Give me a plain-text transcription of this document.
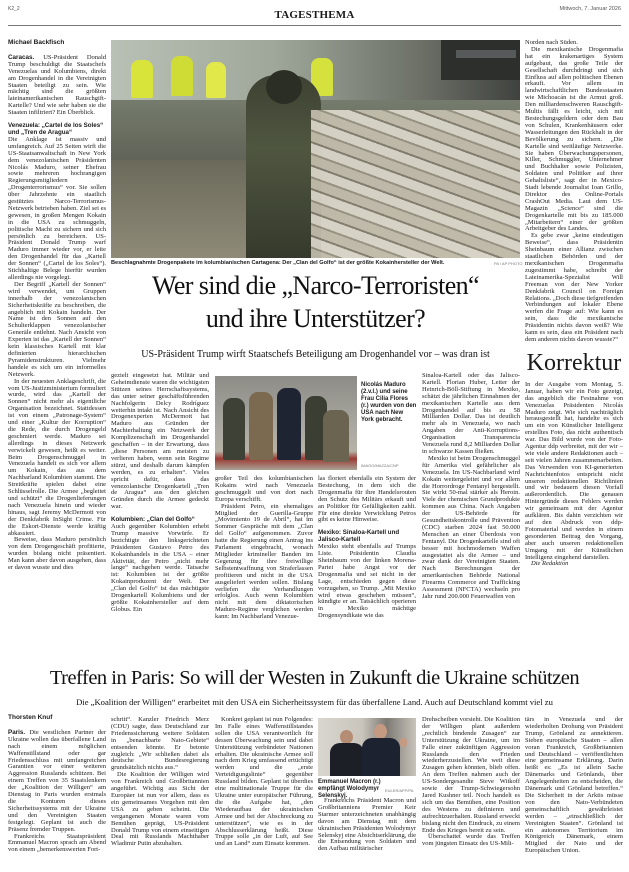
K2_2	TAGESTHEMA	Mittwoch, 7. Januar 2026
Beschlagnahmte Drogenpakete im kolumbianischen Cartagena: Der „Clan del Golfo“ ist der größte Kokainhersteller der Welt.	PA / AP PHOTO
Wer sind die „Narco-Terroristen“
und ihre Unterstützer?
US-Präsident Trump wirft Staatschefs Beteiligung am Drogenhandel vor – was dran ist

Michael Backfisch

Caracas. US-Präsident Donald Trump beschuldigt die Staatschefs Venezuelas und Kolumbiens, direkt am Drogenhandel in die Vereinigten Staaten beteiligt zu sein. Wie mächtig sind die größten lateinamerikanischen Rauschgift-Kartelle? Und wie sehr haben sie die Staaten infiltriert? Ein Überblick.

Venezuela: „Cartel de los Soles“ und „Tren de Aragua“

Die Anklage ist massiv und umfangreich. Auf 25 Seiten wirft die US-Staatsanwaltschaft in New York dem venezolanischen Präsidenten Nicolás Maduro, seiner Ehefrau sowie mehreren hochrangigen Regierungsmitgliedern „Drogenterrorismus“ vor. Sie sollen über Jahrzehnte ein staatlich gestütztes Narco-Terrorismus-Netzwerk betrieben haben. Ziel sei es gewesen, in großen Mengen Kokain in die USA zu schmuggeln, politische Macht zu sichern und sich persönlich zu bereichern. US-Präsident Donald Trump warf Maduro immer wieder vor, er leite den Drogenhandel für das „Kartell der Sonnen“ („Cartel de los Soles“). Stichhaltige Belege hierfür wurden allerdings nie vorgelegt.

Der Begriff „Kartell der Sonnen“ wird verwendet, um Gruppen innerhalb der venezolanischen Sicherheitskräfte zu beschreiben, die angeblich mit Kokain handeln. Der Name ist den Sonnen auf den Schulterklappen venezolanischer Generäle entlehnt. Nach Ansicht von Experten ist das „Kartell der Sonnen“ kein klassisches Kartell mit klar definierten hierarchischen Pyramidenstrukturen. Vielmehr handele es sich um ein informelles Netzwerk.

In der neuesten Anklageschrift, die vom US-Justizministerium formuliert wurde, wird das „Kartell der Sonnen“ nicht mehr als eigentliche Organisation bezeichnet. Stattdessen ist von einem „Patronage-System“ und einer „Kultur der Korruption“ die Rede, die durch Drogengeld geschmiert werde. Maduro sei allerdings in dieses Netzwerk verwickelt gewesen, heißt es weiter. Beim Drogenschmuggel in Venezuela handelt es sich vor allem um Kokain, das aus dem Nachbarland Kolumbien stammt. Die Streitkräfte spielen dabei eine Schlüsselrolle. Die Armee „begleitet und schützt“ die Drogenlieferungen nach Venezuela hinein und wieder hinaus, sagt Jeremy McDermott von der Denkfabrik InSight Crime. Für die Eskort-Dienste werde kräftig abkassiert.

Beweise, dass Maduro persönlich von dem Drogengeschäft profitierte, wurden bislang nicht präsentiert. Man kann aber davon ausgehen, dass er davon wusste und dies

gezielt eingesetzt hat. Militär und Geheimdienste waren die wichtigsten Stützen seines Herrschaftssystems, das unter seiner geschäftsführenden Nachfolgerin Delcy Rodríguez weiterhin intakt ist. Nach Ansicht des Drogenexperten McDermott hat Maduro aus Gründen der Machterhaltung ein Netzwerk der Komplizenschaft im Drogenhandel geschaffen – in der Erwartung, dass „diese Personen am meisten zu verlieren haben, wenn sein Regime stürzt, und deshalb darum kämpfen werden, es zu erhalten“. Vieles spricht dafür, dass das venezolanische Drogenkartell „Tren de Aragua“ aus den gleichen Gründen durch die Armee gedeckt war.

Kolumbien: „Clan del Golfo“

Auch gegenüber Kolumbien erhebt Trump massive Vorwürfe. Er bezichtigte den linksgerichteten Präsidenten Gustavo Petro des Kokainhandels in die USA – einer Aktivität, der Petro „nicht mehr lange“ nachgehen werde. Tatsache ist: Kolumbien ist der größte Kokainproduzent der Welt. Der „Clan del Golfo“ ist das mächtigste Drogenkartell Kolumbiens und der größte Kokainhersteller auf dem Globus. Ein

Nicolás Maduro (2.v.l.) und seine Frau Cilia Flores (r.) wurden von den USA nach New York gebracht.
IMAGO/MAZZA/CNP

großer Teil des kolumbianischen Kokains wird nach Venezuela geschmuggelt und von dort nach Europa verschifft.

Präsident Petro, ein ehemaliges Mitglied der Guerilla-Gruppe „Movimiento 19 de Abril“, hat im Sommer Gespräche mit dem „Clan del Golfo“ aufgenommen. Zuvor hatte die Regierung einen Antrag ins Parlament eingebracht, wonach Mitglieder krimineller Banden im Gegenzug für ihre freiwillige Selbstentwaffnung von Straferlassen profitieren und nicht in die USA ausgeliefert werden sollen. Bislang verliefen die Verhandlungen erfolglos. Auch wenn Kolumbien nicht mit dem diktatorischen Maduro-Regime verglichen werden kann: Im Nachbarland Venezue-

las floriert ebenfalls ein System der Bestechung, in dem sich die Drogenmafia für ihre Handelsrouten den Schutz des Militärs erkauft und an Politiker für Gefälligkeiten zahlt. Für eine direkte Verwicklung Petros gibt es keine Hinweise.

Mexiko: Sinaloa-Kartell und Jalisco-Kartell

Mexiko steht ebenfalls auf Trumps Liste. Präsidentin Claudia Sheinbaum von der linken Morena-Partei habe Angst vor der Drogenmafia und sei nicht in der Lage, entschieden gegen diese vorzugehen, so Trump. „Mit Mexiko wird etwas geschehen müssen“, kündigte er an. Tatsächlich operieren in Mexiko mächtige Drogensyndikate wie das

Sinaloa-Kartell oder das Jalisco-Kartell. Florian Huber, Leiter der Heinrich-Böll-Stiftung in Mexiko, schätzt die jährlichen Einnahmen der mexikanischen Kartelle aus dem Drogenhandel auf bis zu 58 Milliarden Dollar. Das ist deutlich mehr als in Venezuela, wo nach Angaben der Anti-Korruptions-Organisation Transparencia Venezuela rund 8,2 Milliarden Dollar in schwarze Kassen fließen.

Mexiko ist beim Drogenschmuggel für Amerika viel gefährlicher als Venezuela. Im US-Nachbarland wird Kokain weitergeleitet und vor allem die Horrordroge Fentanyl hergestellt. Sie wirkt 50-mal stärker als Heroin. Viele der chemischen Grundprodukte kommen aus China. Nach Angaben der US-Behörde für Gesundheitskontrolle und Prävention (CDC) starben 2024 fast 50.000 Menschen an einer Überdosis von Fentanyl. Die Drogenkartelle sind oft besser mit hochmodernen Waffen ausgestattet als die Armee – und zwar dank der Vereinigten Staaten. Nach Berechnungen der amerikanischen Behörde National Firearms Commerce and Trafficking Assessment (NFCTA) wechseln pro Jahr rund 200.000 Feuerwaffen von

Norden nach Süden.

Die mexikanische Drogenmafia hat ein krakenartiges System aufgebaut, das große Teile der Gesellschaft durchdringt und sich Einfluss auf allen politischen Ebenen erkauft. Vor allem in landwirtschaftlichen Bundesstaaten wie Michoacán ist die Armut groß. Den milliardenschweren Rauschgift-Multis fällt es leicht, sich mit Bestechungsgeldern oder dem Bau von Schulen, Krankenhäusern oder Wasserleitungen den Rückhalt in der Bevölkerung zu sichern. „Die Kartelle sind weitläufige Netzwerke. Sie haben Überwachungspersonen, Killer, Schmuggler, Unternehmer und Buchhalter sowie Polizisten, Soldaten und Politiker auf ihrer Gehaltsliste“, sagt der in Mexico-Stadt lebende Journalist Ioan Grillo, Direktor des Online-Portals CrashOut Media. Laut dem US-Magazin „Science“ sind die Drogenkartelle mit bis zu 185.000 „Mitarbeitern“ einer der größten Arbeitgeber des Landes.

Es gebe zwar „keine eindeutigen Beweise“, dass Präsidentin Sheinbaum einer Allianz zwischen staatlichen Behörden und der mexikanischen Drogenmafia zugestimmt habe, schreibt der Lateinamerika-Spezialist Will Freeman von der New Yorker Denkfabrik Council on Foreign Relations. „Doch diese tiefgreifenden Verbindungen auf lokaler Ebene werfen die Frage auf: Wie kann es sein, dass die mexikanische Präsidentin nichts davon weiß? Wie kann es sein, dass ein Präsident nach dem anderen nichts davon wusste?“

Korrektur

In der Ausgabe vom Montag, 5. Januar, haben wir ein Foto gezeigt, das angeblich die Festnahme von Venezuelas Präsidenten Nicolás Maduro zeigt. Wie sich nachträglich herausgestellt hat, handelte es sich um ein von Künstlicher Intelligenz erstelltes Foto, das nicht authentisch war. Das Bild wurde von der Foto-Agentur ddp verbreitet, mit der wir – wie viele andere Redaktionen auch – seit vielen Jahren zusammenarbeiten. Das Verwenden von KI-generierten Nachrichtenfotos entspricht nicht unseren redaktionellen Richtlinien und wir bedauern diesen Vorfall außerordentlich. Die genauen Hintergründe dieses Fehlers werden wir gemeinsam mit der Agentur aufklären. Bis dahin verzichten wir auf den Abdruck von ddp-Fotomaterial und werden in einem gesonderten Beitrag den Vorgang, aber auch unseren redaktionellen Umgang mit der Künstlichen Intelligenz eingehend darstellen.

Die Redaktion

Treffen in Paris: So will der Westen in Zukunft die Ukraine schützen
Die „Koalition der Willigen“ erarbeitet mit den USA ein Sicherheitssystem für das überfallene Land. Auch auf Deutschland kommt viel zu

Thorsten Knuf

Paris. Die westlichen Partner der Ukraine wollen das überfallene Land nach einem möglichen Waffenstillstand oder gar Friedensschluss mit umfangreichen Garantien vor einer weiteren Aggression Russlands schützen. Bei einem Treffen von 35 Staatslenkern der „Koalition der Willigen“ am Dienstag in Paris wurden erstmals die Konturen dieses Sicherheitssystems mit der Ukraine und den Vereinigten Staaten festgelegt. Geplant ist auch die Präsenz fremder Truppen.

Frankreichs Staatspräsident Emmanuel Macron sprach am Abend von einem „bemerkenswerten Fort-

schritt“. Kanzler Friedrich Merz (CDU) sagte, dass Deutschland zur Friedenssicherung weitere Soldaten in „benachbarte Nato-Gebiete“ entsenden könnte. Er betonte zugleich: „Wir schließen dabei als deutsche Bundesregierung grundsätzlich nichts aus.“

Die Koalition der Willigen wird von Frankreich und Großbritannien angeführt. Wichtig aus Sicht der Europäer ist nun vor allem, dass es ein gemeinsames Vorgehen mit den USA zu geben scheint. Die vergangenen Monate waren vom Bemühen geprägt, US-Präsident Donald Trump von einem einseitigen Deal mit Russlands Machthaber Wladimir Putin abzuhalten.

Konkret geplant ist nun Folgendes: Im Falle eines Waffenstillstandes sollen die USA verantwortlich für dessen Überwachung sein und dabei Unterstützung verbündeter Nationen erhalten. Die ukrainische Armee soll nach dem Krieg umfassend ertüchtigt werden und die „erste Verteidigungslinie“ gegenüber Russland bilden. Geplant ist überdies eine multinationale Truppe für die Ukraine unter europäischer Führung, die die Aufgabe hat, „den Wiederaufbau der ukrainischen Armee und bei der Abschreckung zu unterstützen“, wie es in der Abschlusserklärung heißt. Diese Truppe solle „in der Luft, auf See und an Land“ zum Einsatz kommen.

Emmanuel Macron (r.) empfängt Wolodymyr Selenskyj.
EULER/AFP/PA

Frankreichs Präsident Macron und Großbritanniens Premier Keir Starmer unterzeichneten unabhängig davon am Dienstag mit dem ukrainischen Präsidenten Wolodymyr Selenskyj eine Absichtserklärung, die die Entsendung von Soldaten und den Aufbau militärischer

Drehscheiben vorsieht. Die Koalition der Willigen plant außerdem „rechtlich bindende Zusagen“ zur Unterstützung der Ukraine, um im Falle einer zukünftigen Aggression Russlands den Frieden wiederherzustellen. Wie weit diese Zusagen gehen könnten, blieb offen. An dem Treffen nahmen auch der US-Sondergesandte Steve Witkoff sowie der Trump-Schwiegersohn Jared Kushner teil. Noch handelt es sich um das Bemühen, eine Position des Westens zu definieren und aufrechtzuerhalten. Russland erweckt bislang nicht den Eindruck, zu einem Ende des Krieges bereit zu sein.

Überschattet wurde das Treffen vom jüngsten Einsatz des US-Mili-

tärs in Venezuela und der wiederholten Drohung von Präsident Trump, Grönland zu annektieren. Sieben europäische Staaten – allen voran Frankreich, Großbritannien und Deutschland – veröffentlichten eine gemeinsame Erklärung. Darin heißt es: „Es ist allein Sache Dänemarks und Grönlands, über Angelegenheiten zu entscheiden, die Dänemark und Grönland betreffen.“ Die Sicherheit in der Arktis müsse von den Nato-Verbündeten gemeinschaftlich gewährleistet werden – „einschließlich der Vereinigten Staaten“. Grönland ist ein autonomes Territorium im Königreich Dänemark, einem Mitglied der Nato und der Europäischen Union.
